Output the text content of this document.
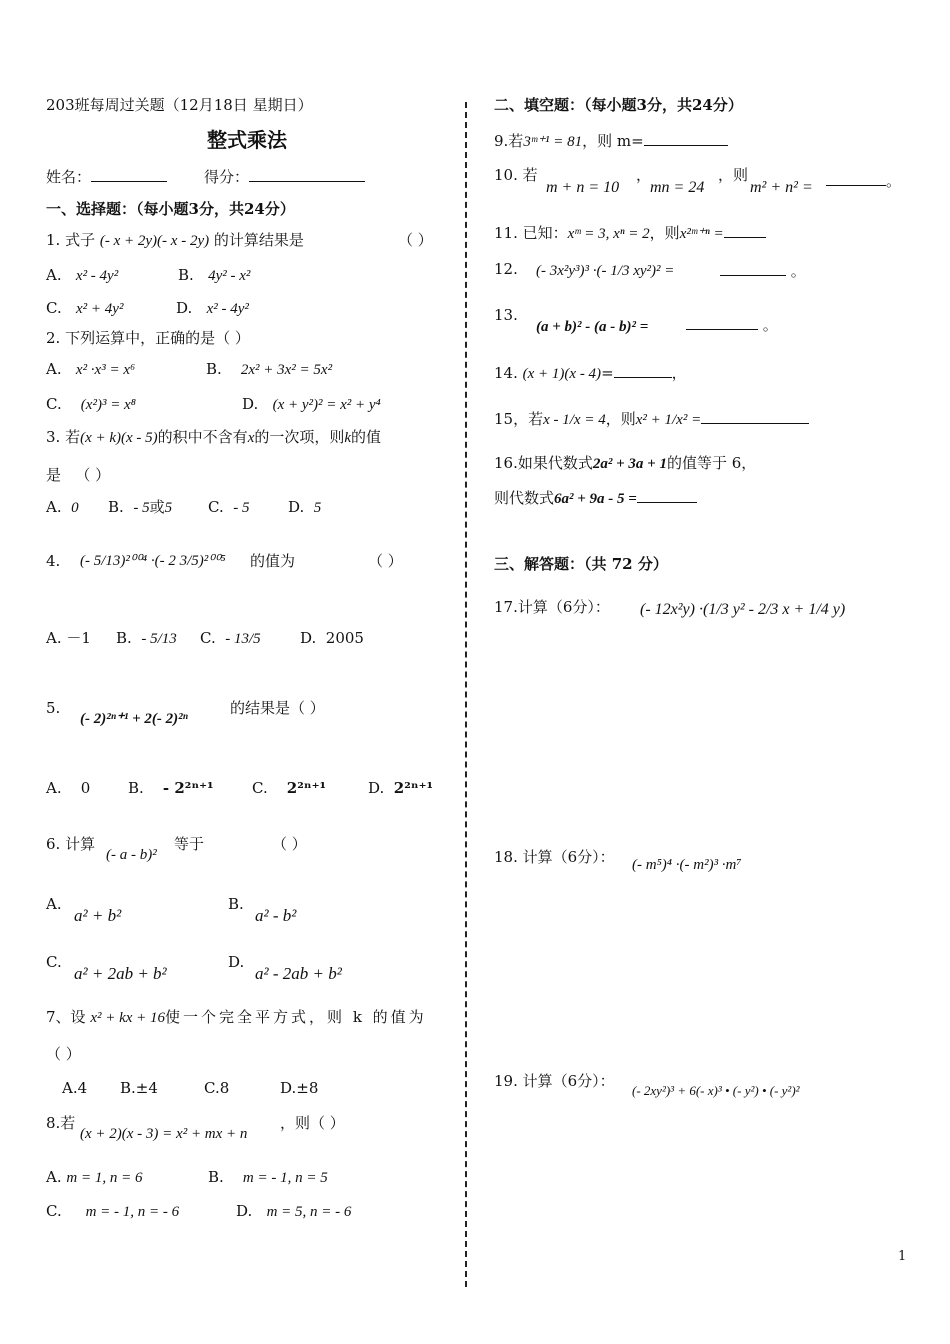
203班每周过关题（12月18日 星期日）
整式乘法
姓名：	得分：
一、选择题：（每小题3分，共24分）
1. 式子 (- x + 2y)(- x - 2y) 的计算结果是	（ ）
A.   x² - 4y²	B.   4y² - x²
C.   x² + 4y²	D.   x² - 4y²
2. 下列运算中，正确的是（ ）
A.   x² ·x³ = x⁶	B.    2x² + 3x² = 5x²
C.    (x²)³ = x⁸	D.   (x + y²)² = x² + y⁴
3. 若(x + k)(x - 5)的积中不含有x的一次项，则k的值
是 （ ）
A.  0 B.  - 5或5 C.  - 5	D.  5
4. (- 5/13)²⁰⁰⁴ ·(- 2 3/5)²⁰⁰⁵ 的值为	（ ）
A. －1 B.  - 5/13 C.  - 13/5	D.  2005
5.
(- 2)²ⁿ⁺¹ + 2(- 2)²ⁿ
的结果是（ ）
A.    0	B.    - 2²ⁿ⁺¹	C.    2²ⁿ⁺¹	D.  2²ⁿ⁺¹
6. 计算
(- a - b)²
等于	（ ）
A.
a² + b²
B.
a² - b²
C.
a² + 2ab + b²
D.
a² - 2ab + b²
7、设 x² + kx + 16使一个完全平方式，则 k 的值为
（ ）
A.4 B.±4	C.8	D.±8
8.若
(x + 2)(x - 3) = x² + mx + n
，则（ ）
A. m = 1, n = 6	B.    m = - 1, n = 5
C.     m = - 1, n = - 6	D.   m = 5, n = - 6
二、填空题：（每小题3分，共24分）
9.若3ᵐ⁺¹ = 81，则 m=
10. 若
m + n = 10
，
mn = 24
，则
m² + n² =	。
11. 已知：xᵐ = 3, xⁿ = 2，则x²ᵐ⁺ⁿ =
12. (- 3x²y³)³ ·(- 1/3 xy²)² =	。
13.
(a + b)² - (a - b)² =	。
14. (x + 1)(x - 4)=	，
15，若x - 1/x = 4，则x² + 1/x² =
16.如果代数式2a² + 3a + 1的值等于 6，
则代数式6a² + 9a - 5 =
三、解答题：（共 72 分）
17.计算（6分）： (- 12x²y) ·(1/3 y² - 2/3 x + 1/4 y)
18. 计算（6分）： (- m⁵)⁴ ·(- m²)³ ·m⁷
19. 计算（6分）：
(- 2xy²)³ + 6(- x)³ • (- y²) • (- y²)²
1
